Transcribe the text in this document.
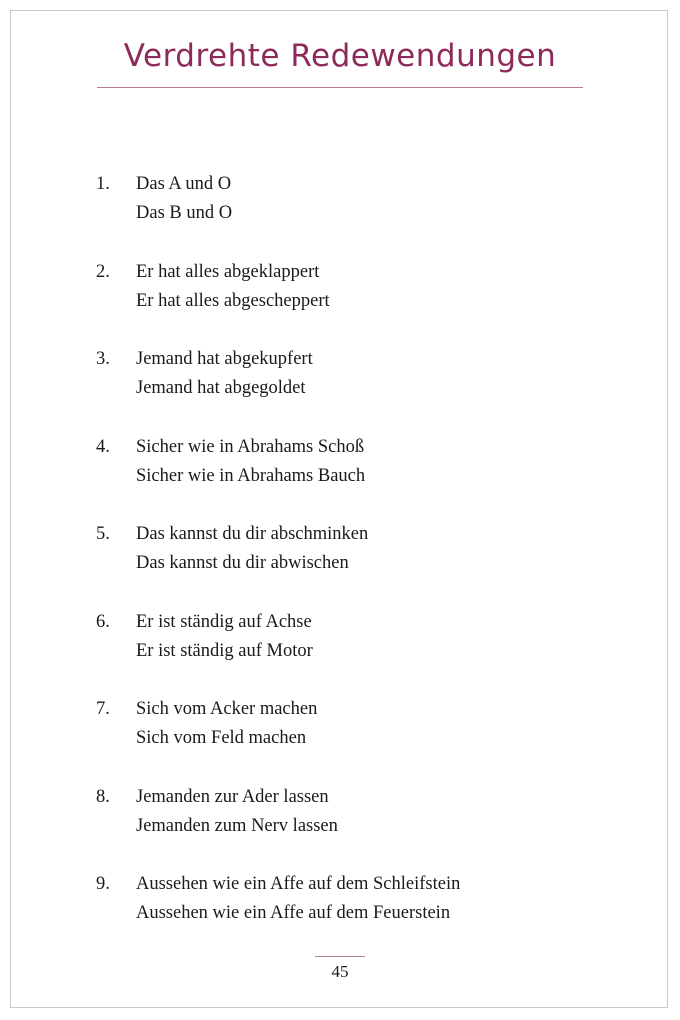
Verdrehte Redewendungen
1. Das A und O
Das B und O
2. Er hat alles abgeklappert
Er hat alles abgescheppert
3. Jemand hat abgekupfert
Jemand hat abgegoldet
4. Sicher wie in Abrahams Schoß
Sicher wie in Abrahams Bauch
5. Das kannst du dir abschminken
Das kannst du dir abwischen
6. Er ist ständig auf Achse
Er ist ständig auf Motor
7. Sich vom Acker machen
Sich vom Feld machen
8. Jemanden zur Ader lassen
Jemanden zum Nerv lassen
9. Aussehen wie ein Affe auf dem Schleifstein
Aussehen wie ein Affe auf dem Feuerstein
45
